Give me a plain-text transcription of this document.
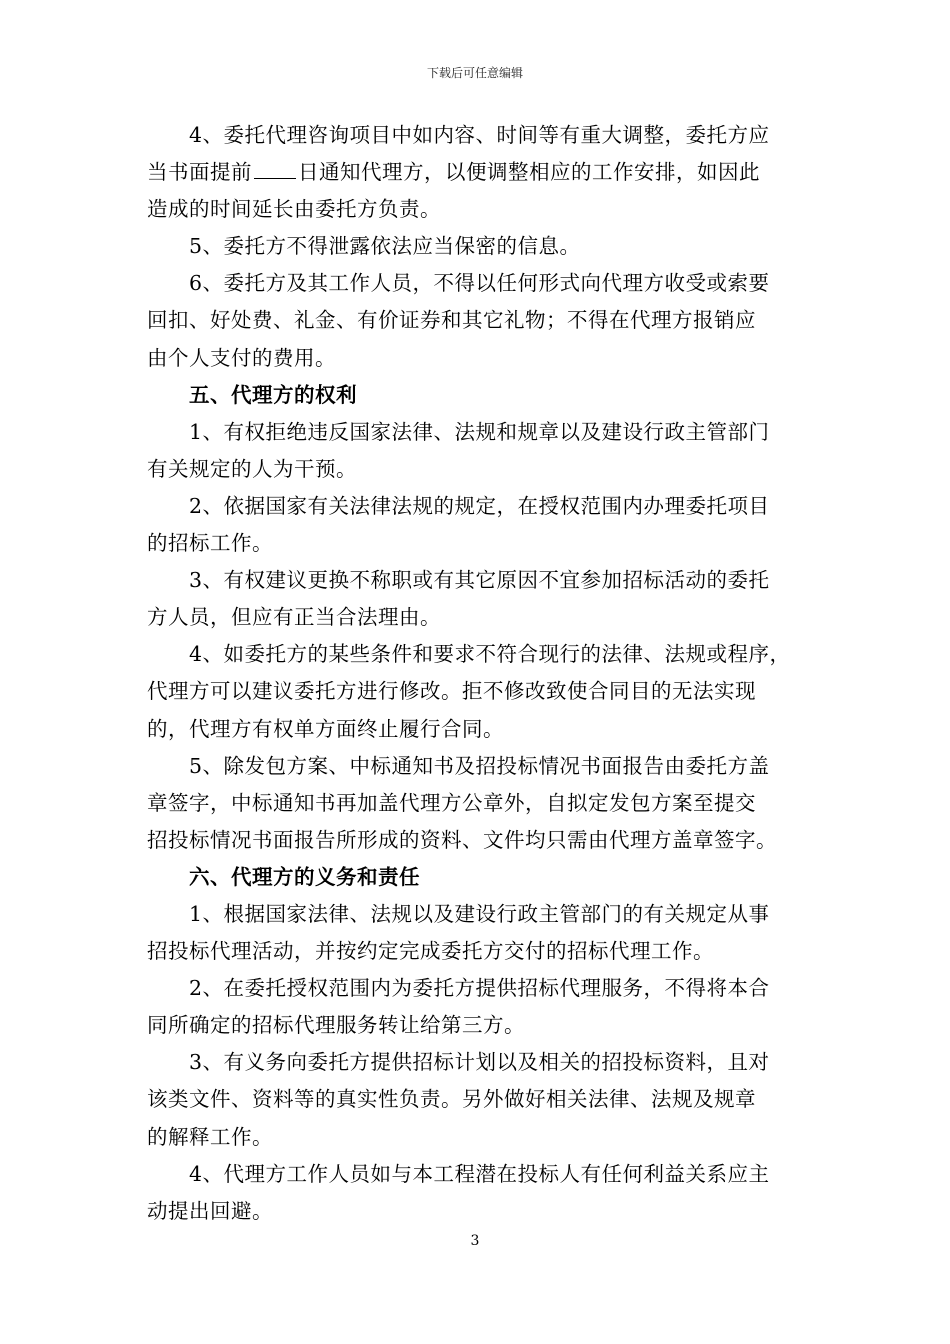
下载后可任意编辑
4、委托代理咨询项目中如内容、时间等有重大调整，委托方应
当书面提前 日通知代理方，以便调整相应的工作安排，如因此
造成的时间延长由委托方负责。
5、委托方不得泄露依法应当保密的信息。
6、委托方及其工作人员，不得以任何形式向代理方收受或索要
回扣、好处费、礼金、有价证券和其它礼物；不得在代理方报销应
由个人支付的费用。
五、代理方的权利
1、有权拒绝违反国家法律、法规和规章以及建设行政主管部门
有关规定的人为干预。
2、依据国家有关法律法规的规定，在授权范围内办理委托项目
的招标工作。
3、有权建议更换不称职或有其它原因不宜参加招标活动的委托
方人员，但应有正当合法理由。
4、如委托方的某些条件和要求不符合现行的法律、法规或程序，
代理方可以建议委托方进行修改。拒不修改致使合同目的无法实现
的，代理方有权单方面终止履行合同。
5、除发包方案、中标通知书及招投标情况书面报告由委托方盖
章签字，中标通知书再加盖代理方公章外，自拟定发包方案至提交
招投标情况书面报告所形成的资料、文件均只需由代理方盖章签字。
六、代理方的义务和责任
1、根据国家法律、法规以及建设行政主管部门的有关规定从事
招投标代理活动，并按约定完成委托方交付的招标代理工作。
2、在委托授权范围内为委托方提供招标代理服务，不得将本合
同所确定的招标代理服务转让给第三方。
3、有义务向委托方提供招标计划以及相关的招投标资料，且对
该类文件、资料等的真实性负责。另外做好相关法律、法规及规章
的解释工作。
4、代理方工作人员如与本工程潜在投标人有任何利益关系应主
动提出回避。
3
